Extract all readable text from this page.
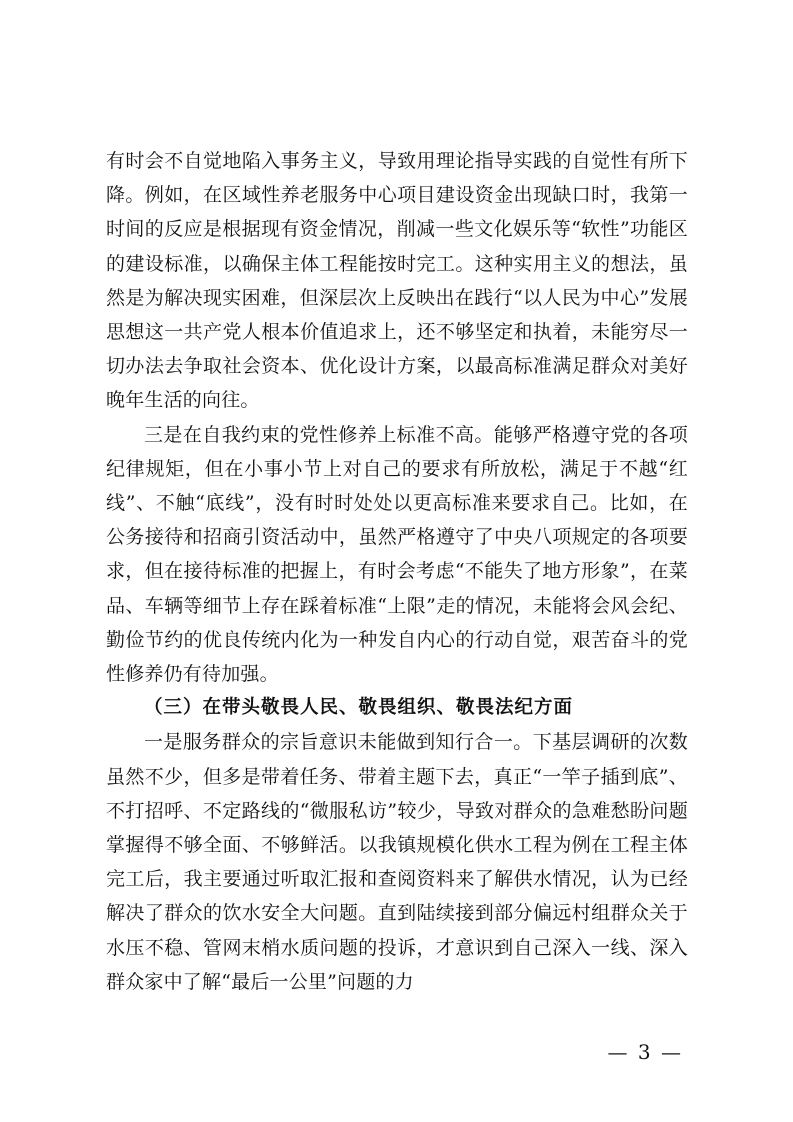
有时会不自觉地陷入事务主义，导致用理论指导实践的自觉性有所下降。例如，在区域性养老服务中心项目建设资金出现缺口时，我第一时间的反应是根据现有资金情况，削减一些文化娱乐等“软性”功能区的建设标准，以确保主体工程能按时完工。这种实用主义的想法，虽然是为解决现实困难，但深层次上反映出在践行“以人民为中心”发展思想这一共产党人根本价值追求上，还不够坚定和执着，未能穷尽一切办法去争取社会资本、优化设计方案，以最高标准满足群众对美好晚年生活的向往。

三是在自我约束的党性修养上标准不高。能够严格遵守党的各项纪律规矩，但在小事小节上对自己的要求有所放松，满足于不越“红线”、不触“底线”，没有时时处处以更高标准来要求自己。比如，在公务接待和招商引资活动中，虽然严格遵守了中央八项规定的各项要求，但在接待标准的把握上，有时会考虑“不能失了地方形象”，在菜品、车辆等细节上存在踩着标准“上限”走的情况，未能将会风会纪、勤俭节约的优良传统内化为一种发自内心的行动自觉，艰苦奋斗的党性修养仍有待加强。

（三）在带头敬畏人民、敬畏组织、敬畏法纪方面

一是服务群众的宗旨意识未能做到知行合一。下基层调研的次数虽然不少，但多是带着任务、带着主题下去，真正“一竿子插到底”、不打招呼、不定路线的“微服私访”较少，导致对群众的急难愁盼问题掌握得不够全面、不够鲜活。以我镇规模化供水工程为例在工程主体完工后，我主要通过听取汇报和查阅资料来了解供水情况，认为已经解决了群众的饮水安全大问题。直到陆续接到部分偏远村组群众关于水压不稳、管网末梢水质问题的投诉，才意识到自己深入一线、深入群众家中了解“最后一公里”问题的力

— 3 —
